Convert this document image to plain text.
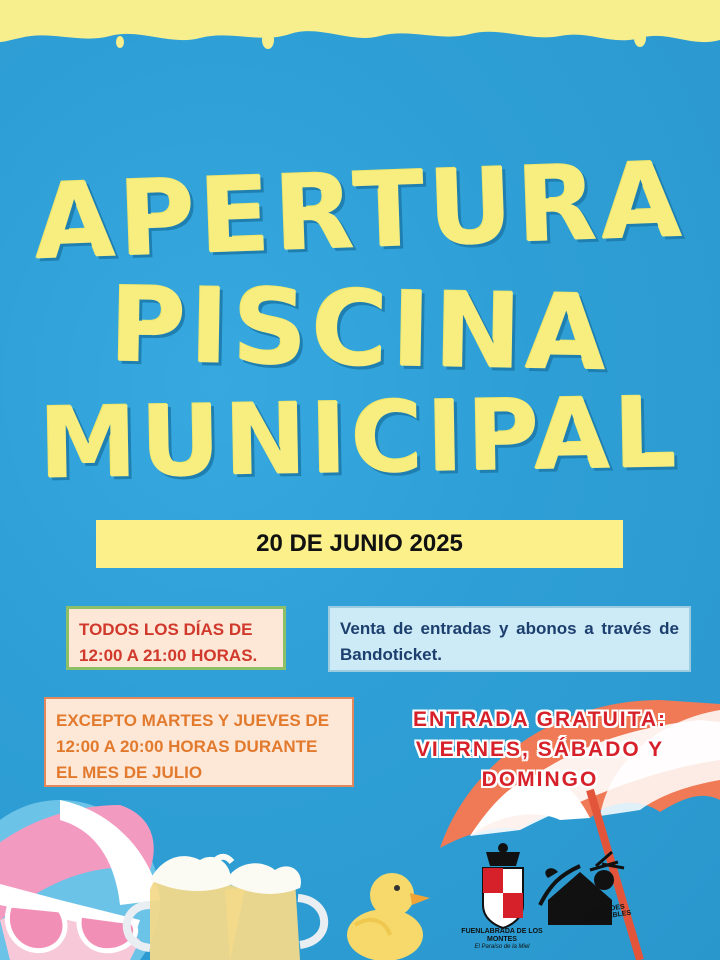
APERTURA
PISCINA
MUNICIPAL
20 DE JUNIO 2025
TODOS LOS DÍAS DE 12:00 A 21:00 HORAS.
Venta de entradas y abonos a través de Bandoticket.
EXCEPTO MARTES Y JUEVES DE 12:00 A 20:00 HORAS DURANTE EL MES DE JULIO
ENTRADA GRATUITA:
VIERNES, SÁBADO Y
DOMINGO
FUENLABRADA DE LOS MONTES
El Paraíso de la Miel
CIUDADES SALUDABLES
